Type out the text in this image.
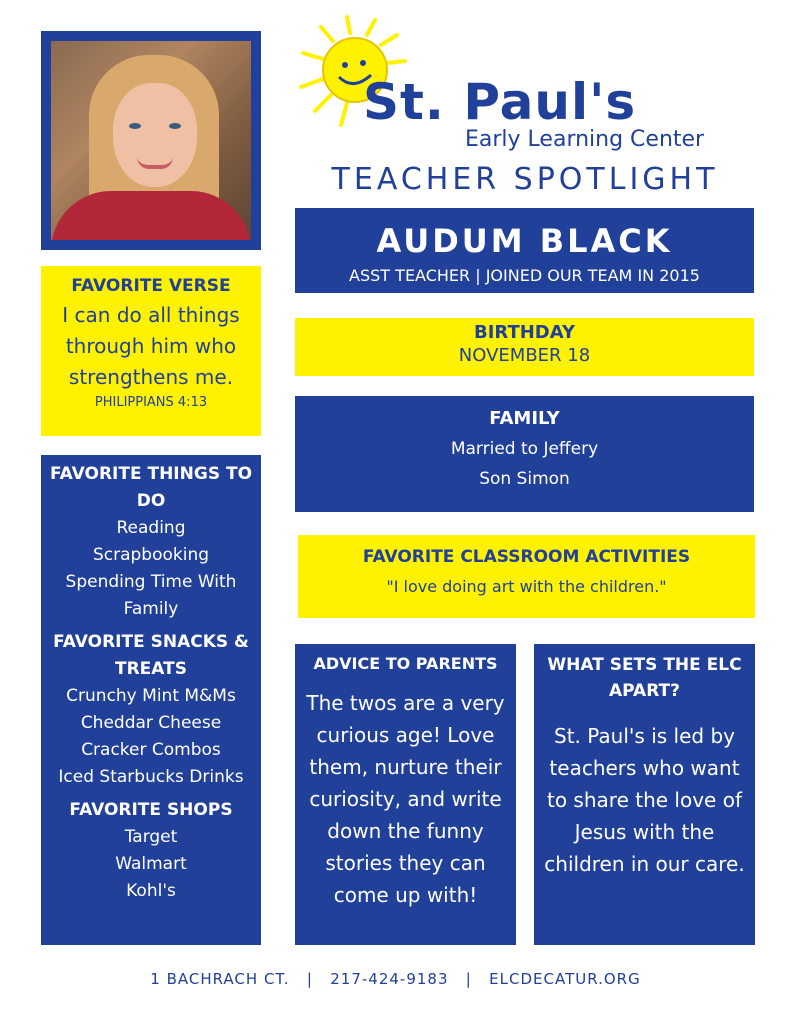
St. Paul's
Early Learning Center
TEACHER SPOTLIGHT
AUDUM BLACK
ASST TEACHER | JOINED OUR TEAM IN 2015
BIRTHDAY
NOVEMBER 18
FAMILY
Married to Jeffery
Son Simon
FAVORITE CLASSROOM ACTIVITIES
"I love doing art with the children."
FAVORITE VERSE
I can do all things through him who strengthens me.
PHILIPPIANS 4:13
FAVORITE THINGS TO DO
Reading
Scrapbooking
Spending Time With Family
FAVORITE SNACKS & TREATS
Crunchy Mint M&Ms
Cheddar Cheese
Cracker Combos
Iced Starbucks Drinks
FAVORITE SHOPS
Target
Walmart
Kohl's
ADVICE TO PARENTS
The twos are a very curious age! Love them, nurture their curiosity, and write down the funny stories they can come up with!
WHAT SETS THE ELC APART?
St. Paul's is led by teachers who want to share the love of Jesus with the children in our care.
1 BACHRACH CT.   |   217-424-9183   |   ELCDECATUR.ORG
